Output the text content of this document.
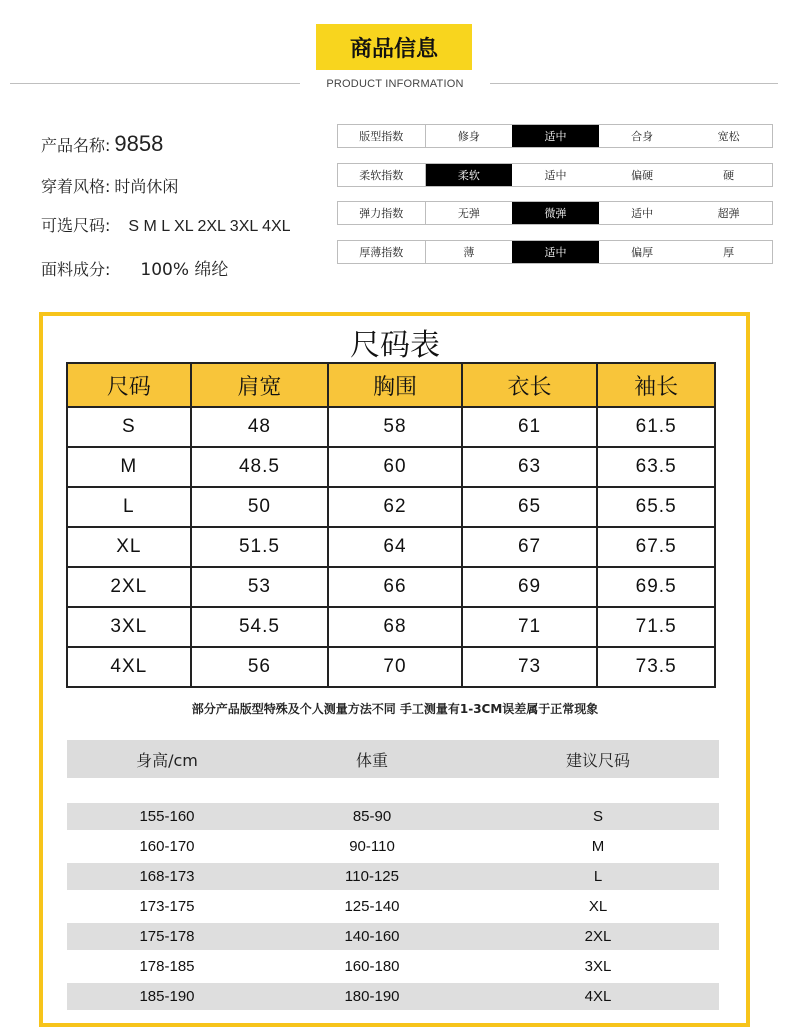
商品信息
PRODUCT INFORMATION
产品名称: 9858
穿着风格: 时尚休闲
可选尺码: S M L XL 2XL 3XL 4XL
面料成分: 100% 绵纶
版型指数	修身	适中	合身	宽松
柔软指数	柔软	适中	偏硬	硬
弹力指数	无弹	微弹	适中	超弹
厚薄指数	薄	适中	偏厚	厚
尺码表
尺码	肩宽	胸围	衣长	袖长
S	48	58	61	61.5
M	48.5	60	63	63.5
L	50	62	65	65.5
XL	51.5	64	67	67.5
2XL	53	66	69	69.5
3XL	54.5	68	71	71.5
4XL	56	70	73	73.5
部分产品版型特殊及个人测量方法不同 手工测量有1-3CM误差属于正常现象
身高/cm	体重	建议尺码
155-160	85-90	S
160-170	90-110	M
168-173	110-125	L
173-175	125-140	XL
175-178	140-160	2XL
178-185	160-180	3XL
185-190	180-190	4XL
